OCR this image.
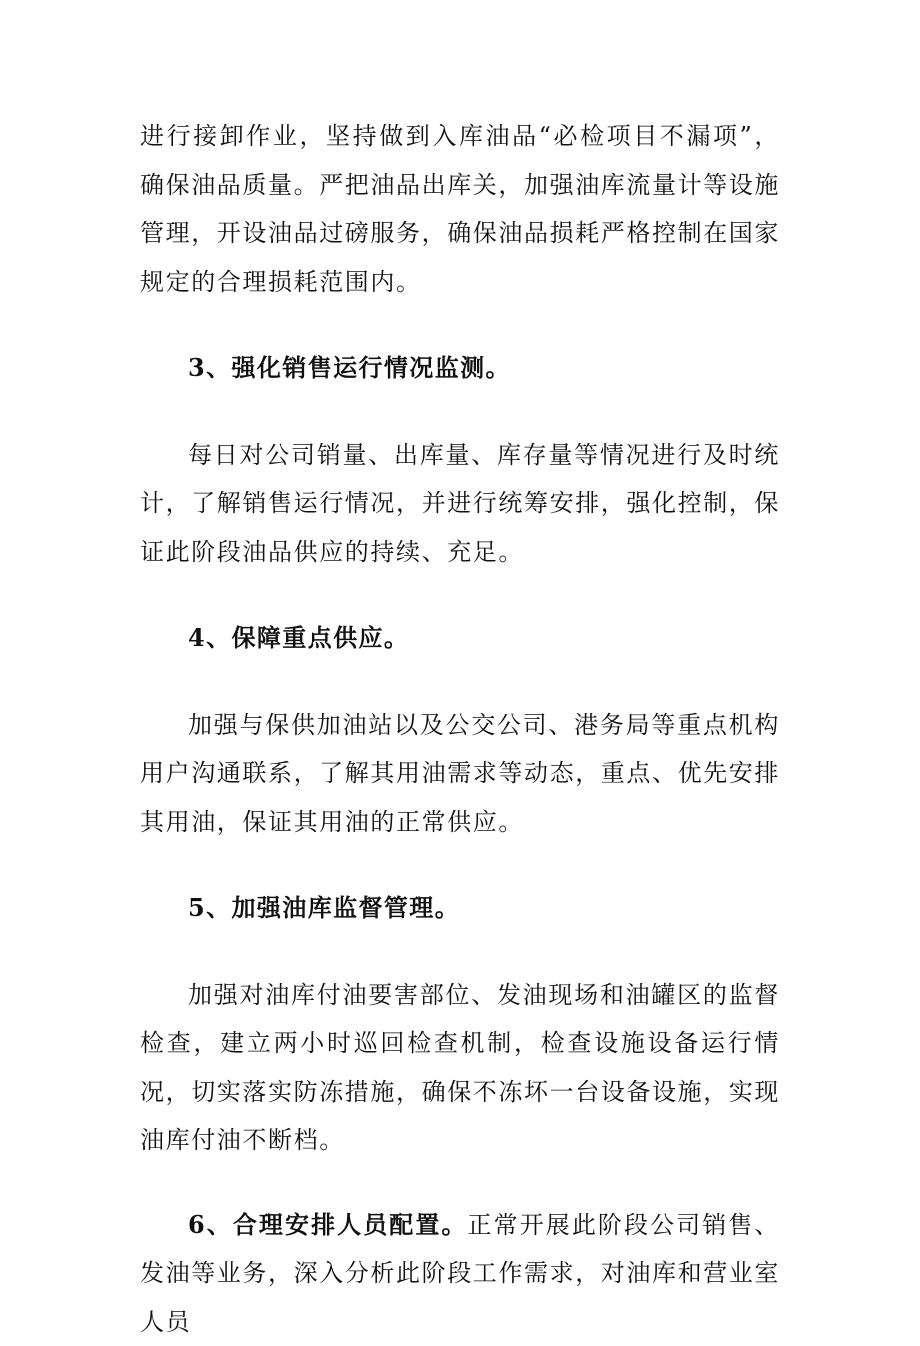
进行接卸作业，坚持做到入库油品“必检项目不漏项”，确保油品质量。严把油品出库关，加强油库流量计等设施管理，开设油品过磅服务，确保油品损耗严格控制在国家规定的合理损耗范围内。

3、强化销售运行情况监测。

每日对公司销量、出库量、库存量等情况进行及时统计，了解销售运行情况，并进行统筹安排，强化控制，保证此阶段油品供应的持续、充足。

4、保障重点供应。

加强与保供加油站以及公交公司、港务局等重点机构用户沟通联系，了解其用油需求等动态，重点、优先安排其用油，保证其用油的正常供应。

5、加强油库监督管理。

加强对油库付油要害部位、发油现场和油罐区的监督检查，建立两小时巡回检查机制，检查设施设备运行情况，切实落实防冻措施，确保不冻坏一台设备设施，实现油库付油不断档。

6、合理安排人员配置。正常开展此阶段公司销售、发油等业务，深入分析此阶段工作需求，对油库和营业室人员
